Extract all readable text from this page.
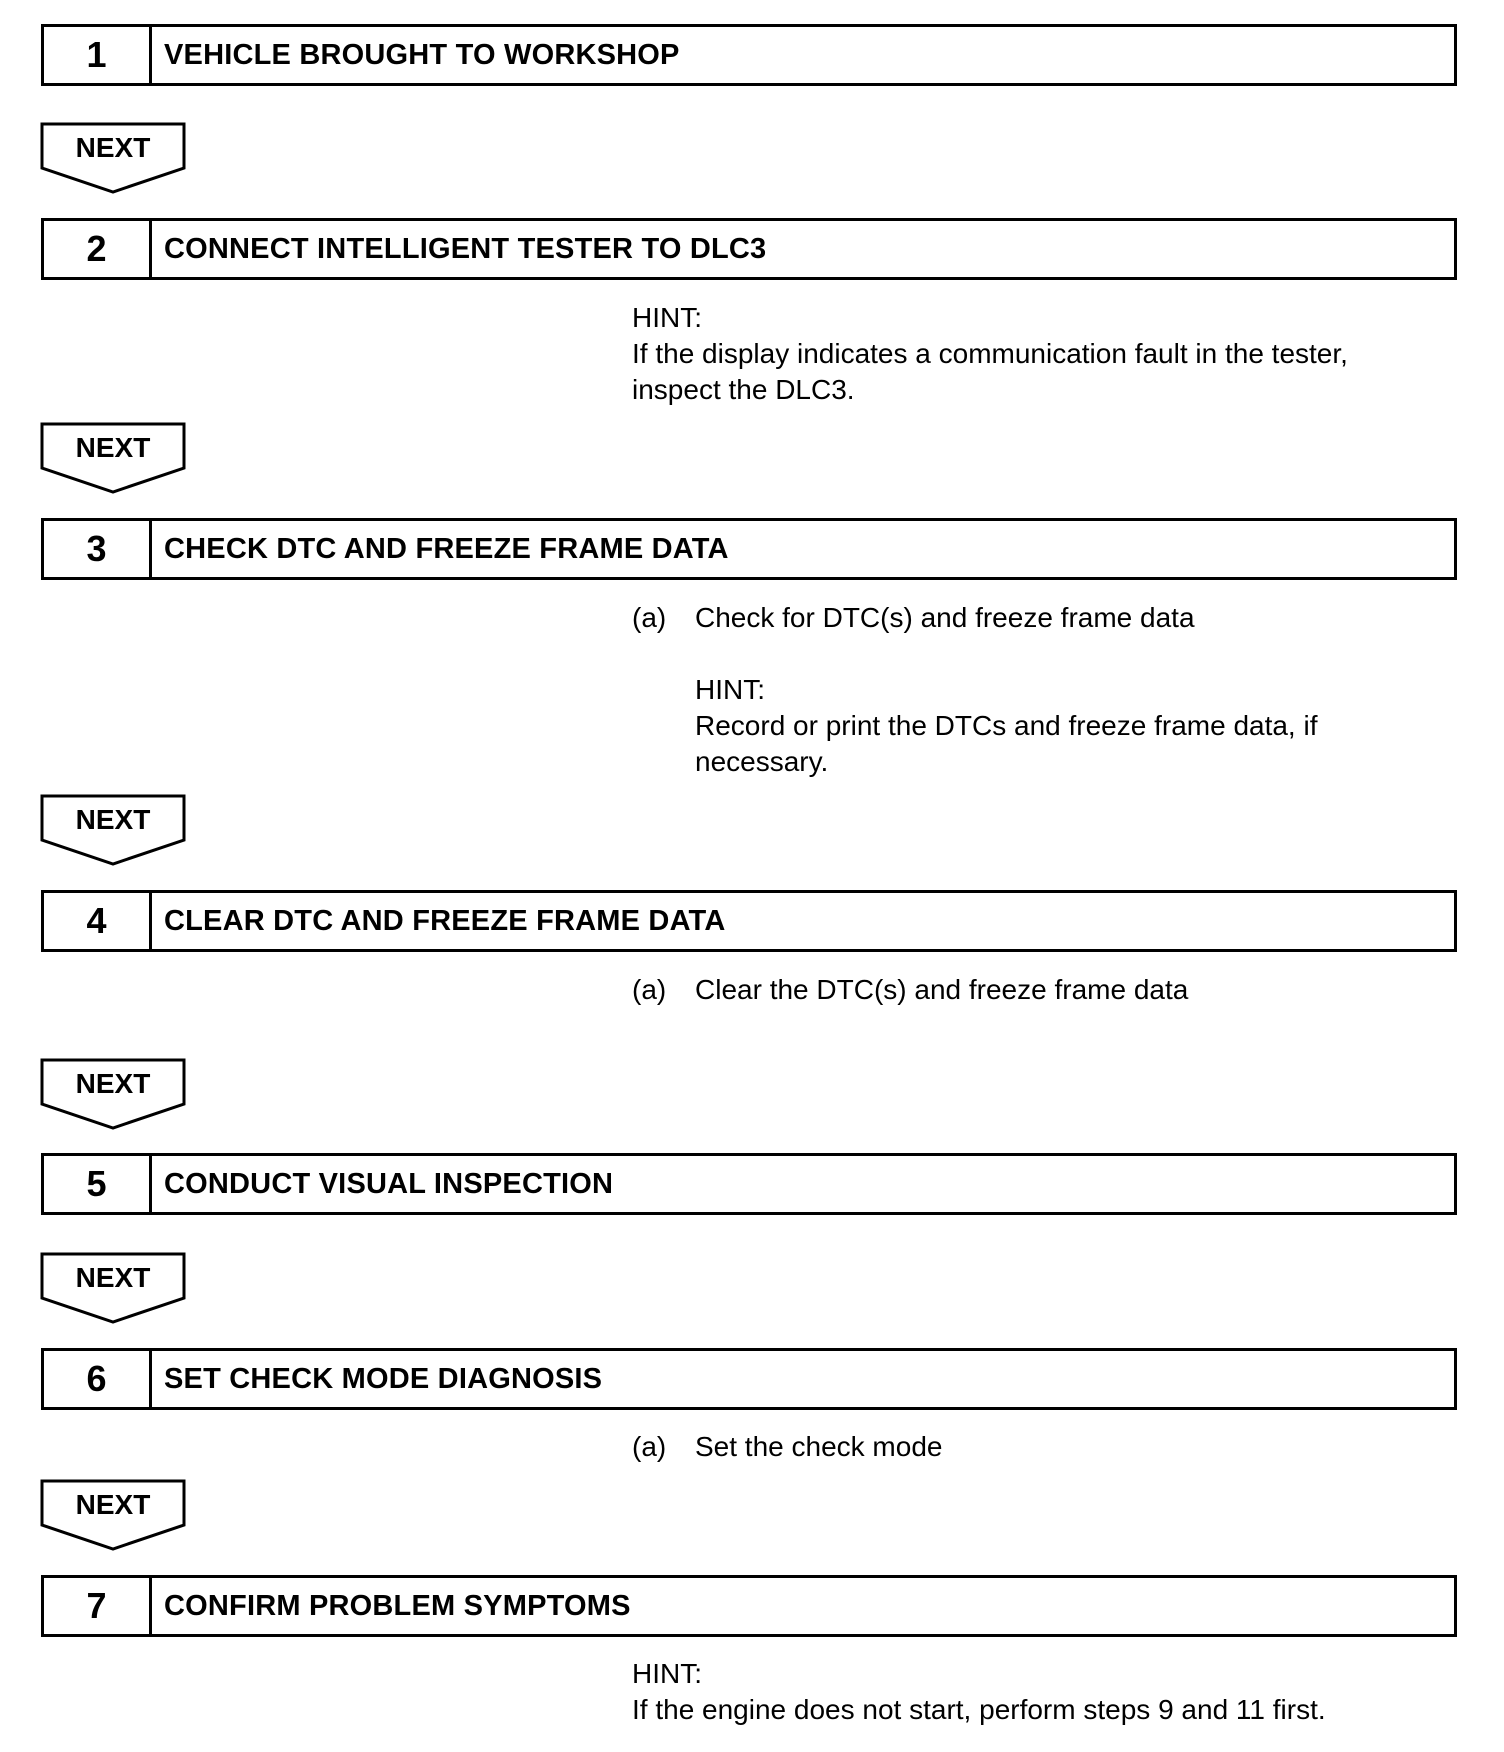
1	VEHICLE BROUGHT TO WORKSHOP
NEXT
2	CONNECT INTELLIGENT TESTER TO DLC3
HINT:
If the display indicates a communication fault in the tester,
inspect the DLC3.
NEXT
3	CHECK DTC AND FREEZE FRAME DATA
(a) Check for DTC(s) and freeze frame data
HINT:
Record or print the DTCs and freeze frame data, if
necessary.
NEXT
4	CLEAR DTC AND FREEZE FRAME DATA
(a) Clear the DTC(s) and freeze frame data
NEXT
5	CONDUCT VISUAL INSPECTION
NEXT
6	SET CHECK MODE DIAGNOSIS
(a) Set the check mode
NEXT
7	CONFIRM PROBLEM SYMPTOMS
HINT:
If the engine does not start, perform steps 9 and 11 first.
